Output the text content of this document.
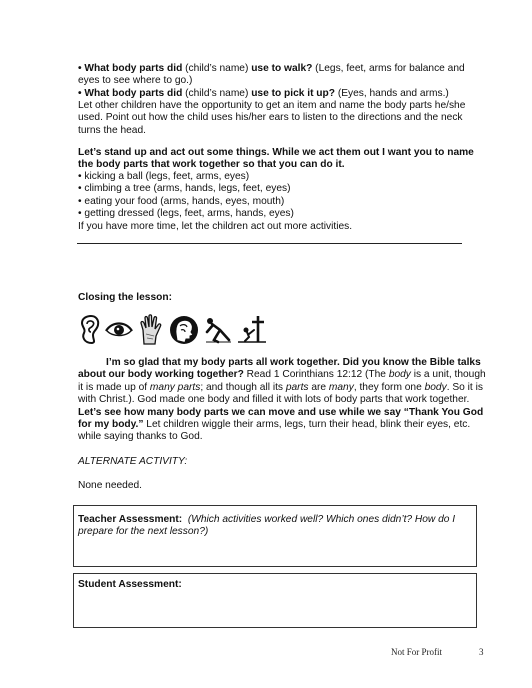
• What body parts did (child’s name) use to walk? (Legs, feet, arms for balance and eyes to see where to go.)

• What body parts did (child’s name) use to pick it up? (Eyes, hands and arms.)

Let other children have the opportunity to get an item and name the body parts he/she used. Point out how the child uses his/her ears to listen to the directions and the neck turns the head.

Let’s stand up and act out some things. While we act them out I want you to name the body parts that work together so that you can do it.

• kicking a ball (legs, feet, arms, eyes)

• climbing a tree (arms, hands, legs, feet, eyes)

• eating your food (arms, hands, eyes, mouth)

• getting dressed (legs, feet, arms, hands, eyes)

If you have more time, let the children act out more activities.

Closing the lesson:

I’m so glad that my body parts all work together. Did you know the Bible talks about our body working together? Read 1 Corinthians 12:12 (The body is a unit, though it is made up of many parts; and though all its parts are many, they form one body. So it is with Christ.). God made one body and filled it with lots of body parts that work together. Let’s see how many body parts we can move and use while we say “Thank You God for my body.” Let children wiggle their arms, legs, turn their head, blink their eyes, etc. while saying thanks to God.

ALTERNATE ACTIVITY:

None needed.

Teacher Assessment: (Which activities worked well? Which ones didn’t? How do I prepare for the next lesson?)

Student Assessment:

Not For Profit	3
